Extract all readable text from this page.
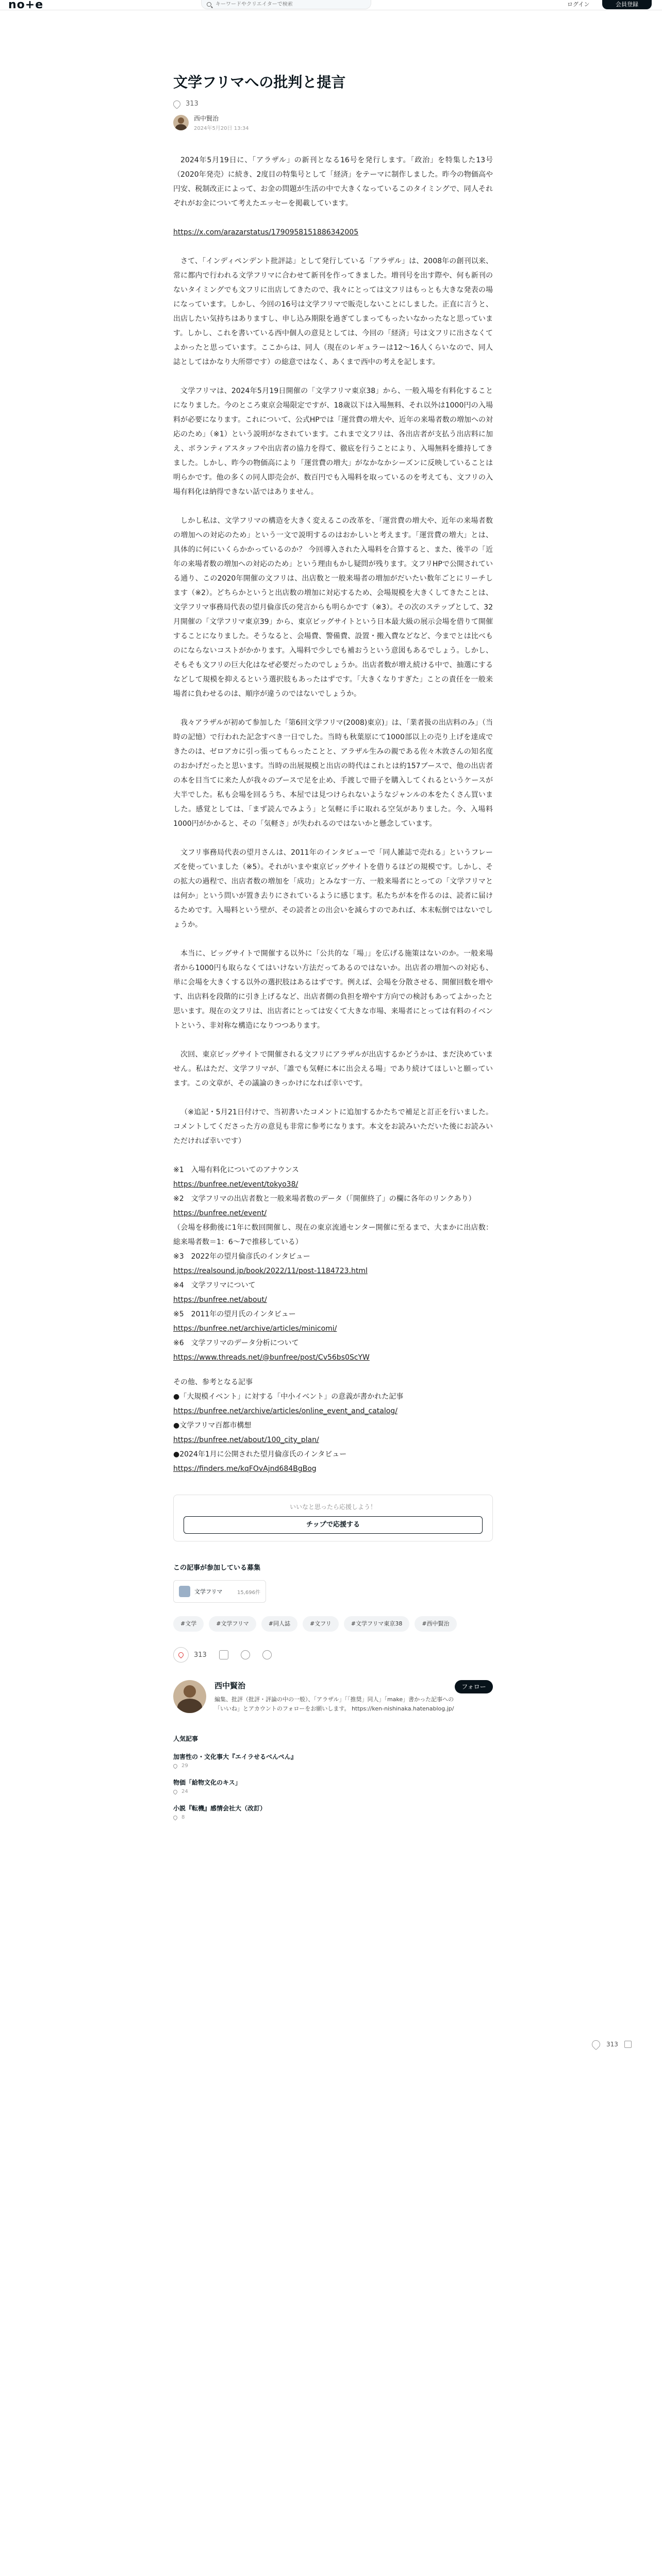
no+e
キーワードやクリエイターで検索	ログイン	会員登録
文学フリマへの批判と提言
313
西中賢治
2024年5月20日 13:34

2024年5月19日に、「アラザル」の新刊となる16号を発行します。「政治」を特集した13号（2020年発売）に続き、2度目の特集号として「経済」をテーマに制作しました。昨今の物価高や円安、税制改正によって、お金の問題が生活の中で大きくなっているこのタイミングで、同人それぞれがお金について考えたエッセーを掲載しています。

https://x.com/arazarstatus/1790958151886342005

さて、「インディペンデント批評誌」として発行している「アラザル」は、2008年の創刊以来、常に都内で行われる文学フリマに合わせて新刊を作ってきました。増刊号を出す際や、何も新刊のないタイミングでも文フリに出店してきたので、我々にとっては文フリはもっとも大きな発表の場になっています。しかし、今回の16号は文学フリマで販売しないことにしました。正直に言うと、出店したい気持ちはありますし、申し込み期限を過ぎてしまってもったいなかったなと思っています。しかし、これを書いている西中個人の意見としては、今回の「経済」号は文フリに出さなくてよかったと思っています。ここからは、同人（現在のレギュラーは12〜16人くらいなので、同人誌としてはかなり大所帯です）の総意ではなく、あくまで西中の考えを記します。

文学フリマは、2024年5月19日開催の「文学フリマ東京38」から、一般入場を有料化することになりました。今のところ東京会場限定ですが、18歳以下は入場無料、それ以外は1000円の入場料が必要になります。これについて、公式HPでは「運営費の増大や、近年の来場者数の増加への対応のため」（※1）という説明がなされています。これまで文フリは、各出店者が支払う出店料に加え、ボランティアスタッフや出店者の協力を得て、徹底を行うことにより、入場無料を維持してきました。しかし、昨今の物価高により「運営費の増大」がなかなかシーズンに反映していることは明らかです。他の多くの同人即売会が、数百円でも入場料を取っているのを考えても、文フリの入場有料化は納得できない話ではありません。

しかし私は、文学フリマの構造を大きく変えるこの改革を、「運営費の増大や、近年の来場者数の増加への対応のため」という一文で説明するのはおかしいと考えます。「運営費の増大」とは、具体的に何にいくらかかっているのか？ 今回導入された入場料を合算すると、また、後半の「近年の来場者数の増加への対応のため」という理由もかし疑問が残ります。文フリHPで公開されている通り、この2020年開催の文フリは、出店数と一般来場者の増加がだいたい数年ごとにリーチします（※2）。どちらかというと出店数の増加に対応するため、会場規模を大きくしてきたことは、文学フリマ事務局代表の望月倫彦氏の発言からも明らかです（※3）。その次のステップとして、32月開催の「文学フリマ東京39」から、東京ビッグサイトという日本最大級の展示会場を借りて開催することになりました。そうなると、会場費、警備費、設置・搬入費などなど、今までとは比べものにならないコストがかかります。入場料で少しでも補おうという意図もあるでしょう。しかし、そもそも文フリの巨大化はなぜ必要だったのでしょうか。出店者数が増え続ける中で、抽選にするなどして規模を抑えるという選択肢もあったはずです。「大きくなりすぎた」ことの責任を一般来場者に負わせるのは、順序が違うのではないでしょうか。

我々アラザルが初めて参加した「第6回文学フリマ(2008)東京)」は、「業者扱の出店料のみ」（当時の記憶）で行われた記念すべき一日でした。当時も秋葉原にて1000部以上の売り上げを達成できたのは、ゼロアカに引っ張ってもらったことと、アラザル生みの親である佐々木敦さんの知名度のおかげだったと思います。当時の出展規模と出店の時代はこれとは約157ブースで、他の出店者の本を目当てに来た人が我々のブースで足を止め、手渡しで冊子を購入してくれるというケースが大半でした。私も会場を回るうち、本屋では見つけられないようなジャンルの本をたくさん買いました。感覚としては、「まず読んでみよう」と気軽に手に取れる空気がありました。今、入場料1000円がかかると、その「気軽さ」が失われるのではないかと懸念しています。

文フリ事務局代表の望月さんは、2011年のインタビューで「同人雑誌で売れる」というフレーズを使っていました（※5）。それがいまや東京ビッグサイトを借りるほどの規模です。しかし、その拡大の過程で、出店者数の増加を「成功」とみなす一方、一般来場者にとっての「文学フリマとは何か」という問いが置き去りにされているように感じます。私たちが本を作るのは、読者に届けるためです。入場料という壁が、その読者との出会いを減らすのであれば、本末転倒ではないでしょうか。

本当に、ビッグサイトで開催する以外に「公共的な「場」」を広げる施策はないのか。一般来場者から1000円も取らなくてはいけない方法だってあるのではないか。出店者の増加への対応も、単に会場を大きくする以外の選択肢はあるはずです。例えば、会場を分散させる、開催回数を増やす、出店料を段階的に引き上げるなど、出店者側の負担を増やす方向での検討もあってよかったと思います。現在の文フリは、出店者にとっては安くて大きな市場、来場者にとっては有料のイベントという、非対称な構造になりつつあります。

次回、東京ビッグサイトで開催される文フリにアラザルが出店するかどうかは、まだ決めていません。私はただ、文学フリマが、「誰でも気軽に本に出会える場」であり続けてほしいと願っています。この文章が、その議論のきっかけになれば幸いです。

（※追記・5月21日付けで、当初書いたコメントに追加するかたちで補足と訂正を行いました。コメントしてくださった方の意見も非常に参考になります。本文をお読みいただいた後にお読みいただければ幸いです）

※1　入場有料化についてのアナウンス

https://bunfree.net/event/tokyo38/

※2　文学フリマの出店者数と一般来場者数のデータ（「開催終了」の欄に各年のリンクあり）

https://bunfree.net/event/

（会場を移動後に1年に数回開催し、現在の東京流通センター開催に至るまで、大まかに出店数：総来場者数＝1：6〜7で推移している）

※3　2022年の望月倫彦氏のインタビュー

https://realsound.jp/book/2022/11/post-1184723.html

※4　文学フリマについて

https://bunfree.net/about/

※5　2011年の望月氏のインタビュー

https://bunfree.net/archive/articles/minicomi/

※6　文学フリマのデータ分析について

https://www.threads.net/@bunfree/post/Cv56bs0ScYW

その他、参考となる記事

●「大規模イベント」に対する「中小イベント」の意義が書かれた記事

https://bunfree.net/archive/articles/online_event_and_catalog/

●文学フリマ百都市構想

https://bunfree.net/about/100_city_plan/

●2024年1月に公開された望月倫彦氏のインタビュー

https://finders.me/kqFOvAjnd684BgBog

いいなと思ったら応援しよう！
チップで応援する
この記事が参加している募集
文学フリマ	15,696件
#文学	#文学フリマ	#同人誌	#文フリ	#文学フリマ東京38	#西中賢治
313
西中賢治
編集、批評（批評・評論の中の一般）、「アラザル」「「推奨」同人」「make」書かった記事への「いいね」とアカウントのフォローをお願いします。 https://ken-nishinaka.hatenablog.jp/
フォロー
人気記事
加害性の・文化事大『エイラせるべんぺん』
29
物価「給物文化のキス」
24
小説『転機』感情会社大（改訂）
8
313
